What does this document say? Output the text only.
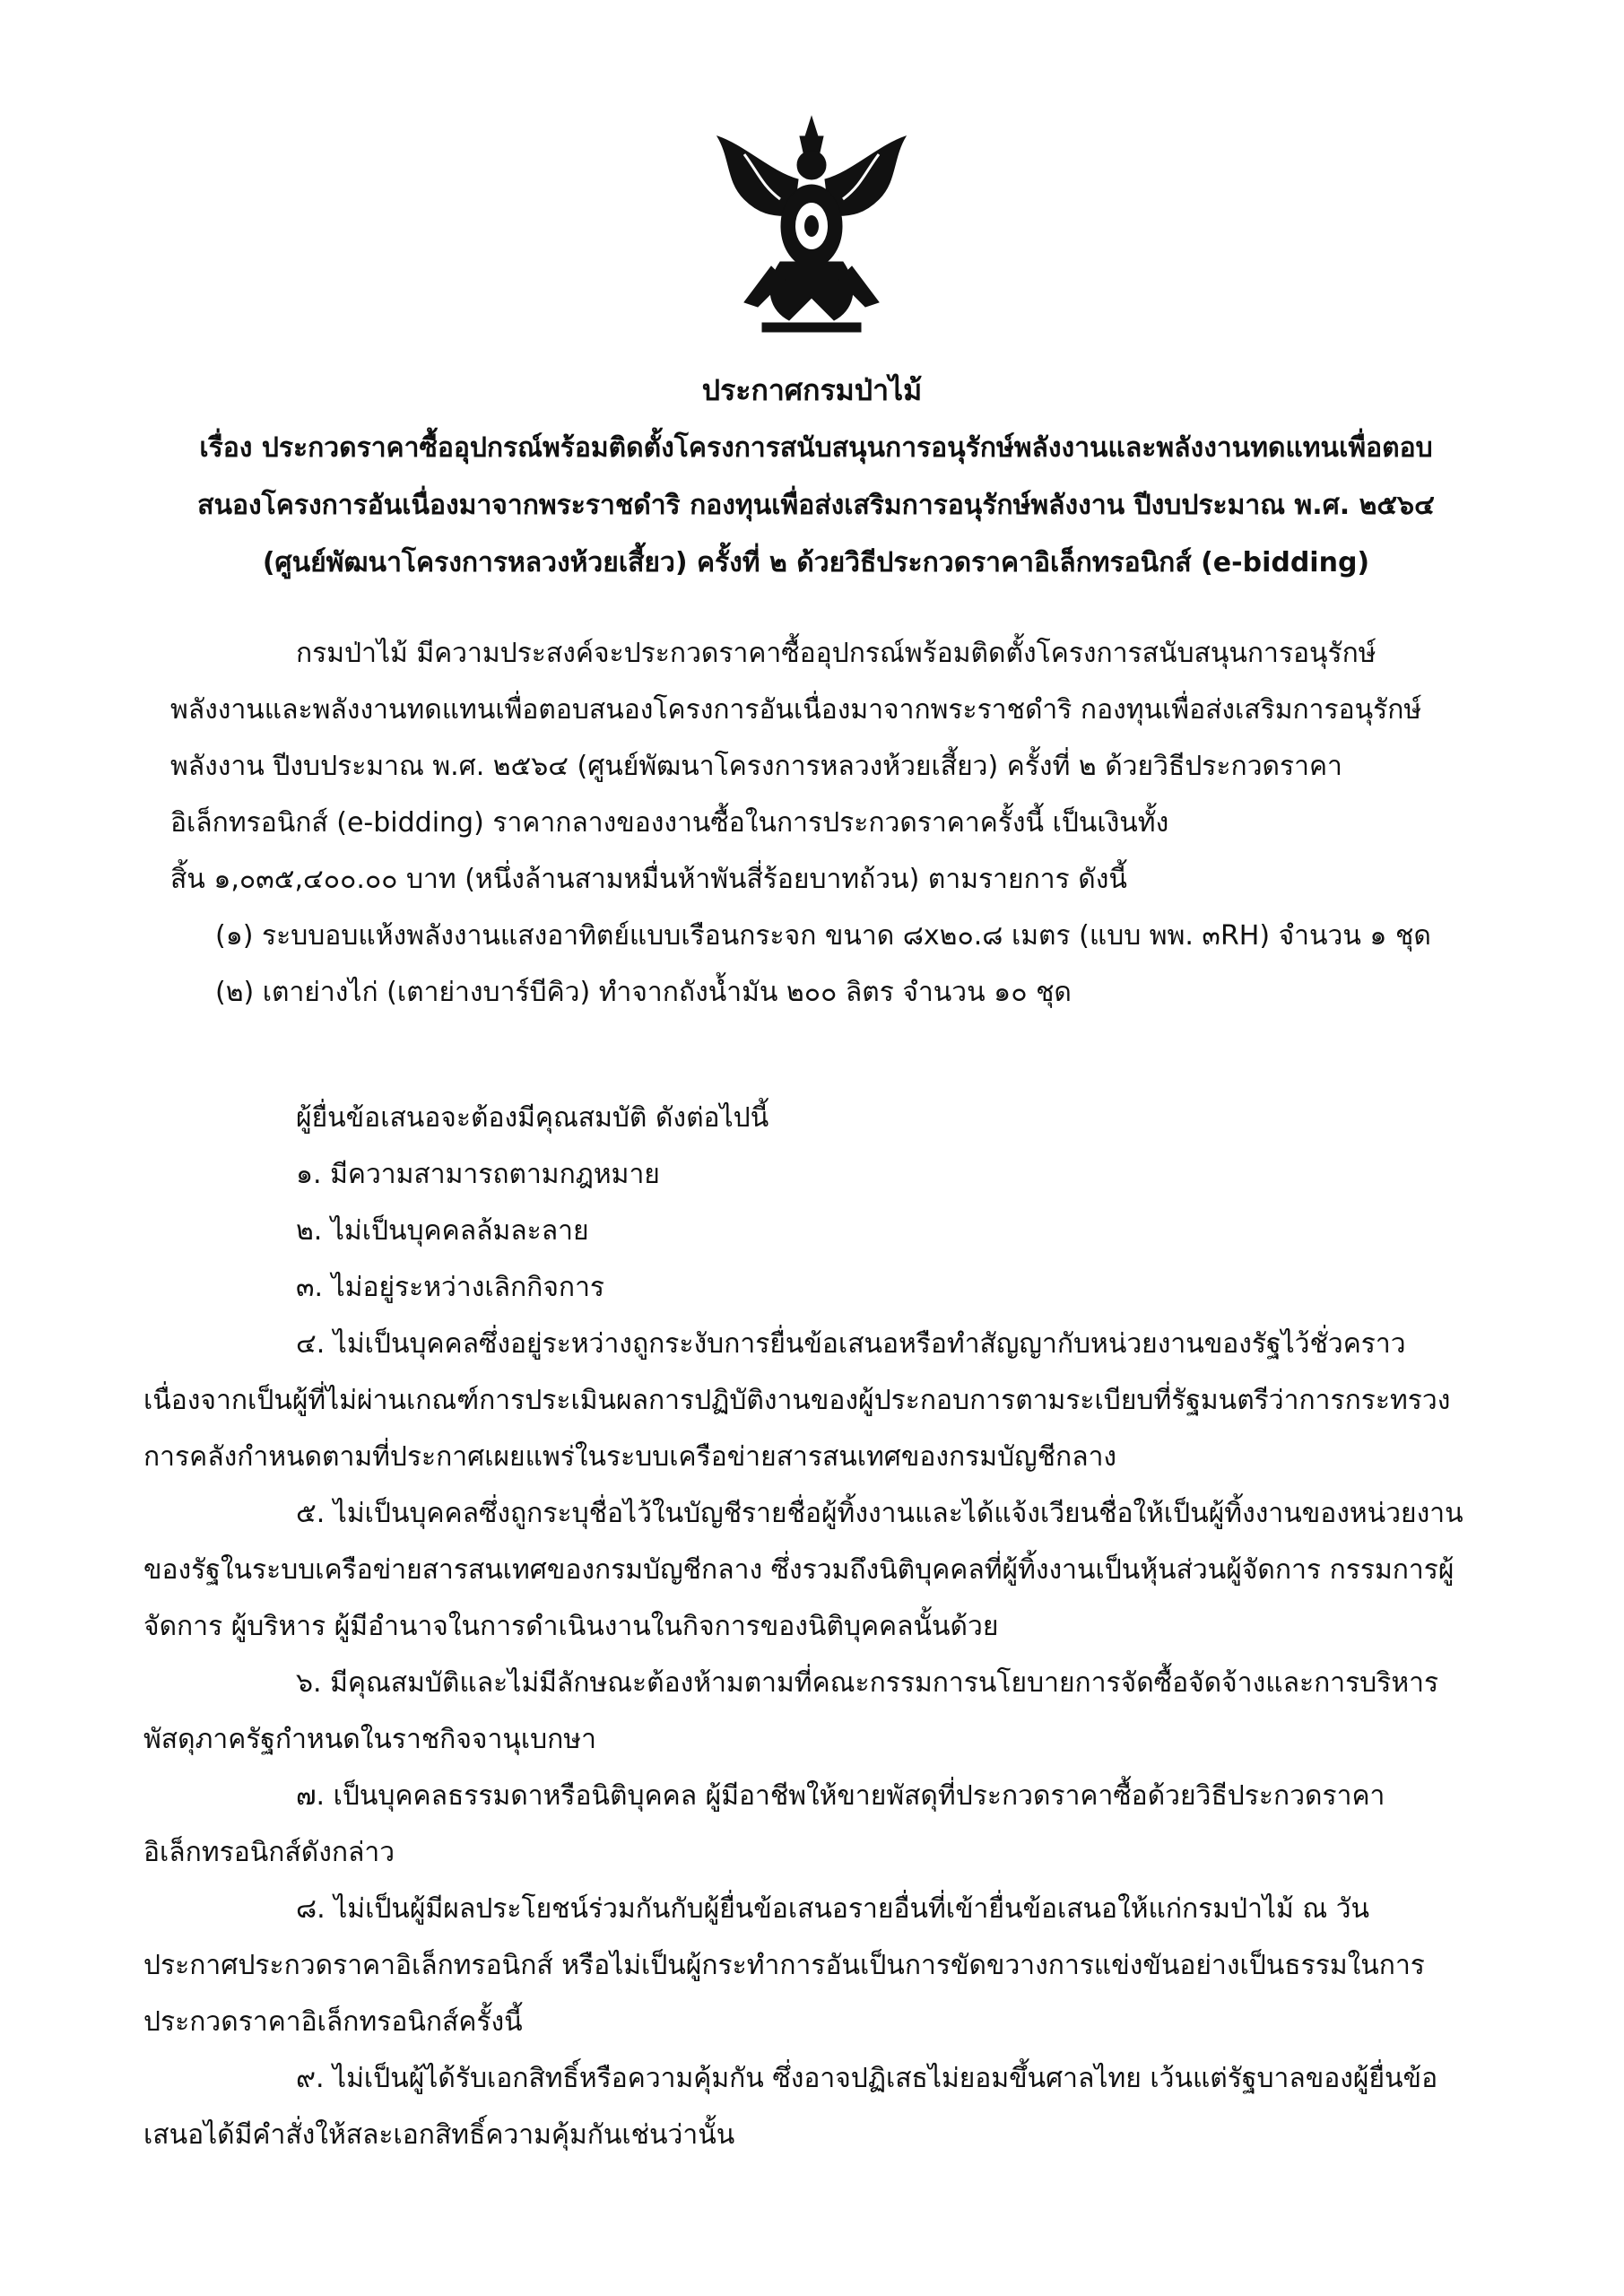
ประกาศกรมป่าไม้
เรื่อง ประกวดราคาซื้ออุปกรณ์พร้อมติดตั้งโครงการสนับสนุนการอนุรักษ์พลังงานและพลังงานทดแทนเพื่อตอบ
สนองโครงการอันเนื่องมาจากพระราชดำริ กองทุนเพื่อส่งเสริมการอนุรักษ์พลังงาน ปีงบประมาณ พ.ศ. ๒๕๖๔
(ศูนย์พัฒนาโครงการหลวงห้วยเสี้ยว) ครั้งที่ ๒ ด้วยวิธีประกวดราคาอิเล็กทรอนิกส์ (e-bidding)
กรมป่าไม้ มีความประสงค์จะประกวดราคาซื้ออุปกรณ์พร้อมติดตั้งโครงการสนับสนุนการอนุรักษ์
พลังงานและพลังงานทดแทนเพื่อตอบสนองโครงการอันเนื่องมาจากพระราชดำริ กองทุนเพื่อส่งเสริมการอนุรักษ์
พลังงาน ปีงบประมาณ พ.ศ. ๒๕๖๔ (ศูนย์พัฒนาโครงการหลวงห้วยเสี้ยว) ครั้งที่ ๒ ด้วยวิธีประกวดราคา
อิเล็กทรอนิกส์ (e-bidding) ราคากลางของงานซื้อในการประกวดราคาครั้งนี้ เป็นเงินทั้ง
สิ้น ๑,๐๓๕,๔๐๐.๐๐ บาท (หนึ่งล้านสามหมื่นห้าพันสี่ร้อยบาทถ้วน) ตามรายการ ดังนี้
(๑) ระบบอบแห้งพลังงานแสงอาทิตย์แบบเรือนกระจก ขนาด ๘x๒๐.๘ เมตร (แบบ พพ. ๓RH) จำนวน ๑ ชุด
(๒) เตาย่างไก่ (เตาย่างบาร์บีคิว) ทำจากถังน้ำมัน ๒๐๐ ลิตร จำนวน ๑๐ ชุด
ผู้ยื่นข้อเสนอจะต้องมีคุณสมบัติ ดังต่อไปนี้
๑. มีความสามารถตามกฎหมาย
๒. ไม่เป็นบุคคลล้มละลาย
๓. ไม่อยู่ระหว่างเลิกกิจการ
๔. ไม่เป็นบุคคลซึ่งอยู่ระหว่างถูกระงับการยื่นข้อเสนอหรือทำสัญญากับหน่วยงานของรัฐไว้ชั่วคราว
เนื่องจากเป็นผู้ที่ไม่ผ่านเกณฑ์การประเมินผลการปฏิบัติงานของผู้ประกอบการตามระเบียบที่รัฐมนตรีว่าการกระทรวง
การคลังกำหนดตามที่ประกาศเผยแพร่ในระบบเครือข่ายสารสนเทศของกรมบัญชีกลาง
๕. ไม่เป็นบุคคลซึ่งถูกระบุชื่อไว้ในบัญชีรายชื่อผู้ทิ้งงานและได้แจ้งเวียนชื่อให้เป็นผู้ทิ้งงานของหน่วยงาน
ของรัฐในระบบเครือข่ายสารสนเทศของกรมบัญชีกลาง ซึ่งรวมถึงนิติบุคคลที่ผู้ทิ้งงานเป็นหุ้นส่วนผู้จัดการ กรรมการผู้
จัดการ ผู้บริหาร ผู้มีอำนาจในการดำเนินงานในกิจการของนิติบุคคลนั้นด้วย
๖. มีคุณสมบัติและไม่มีลักษณะต้องห้ามตามที่คณะกรรมการนโยบายการจัดซื้อจัดจ้างและการบริหาร
พัสดุภาครัฐกำหนดในราชกิจจานุเบกษา
๗. เป็นบุคคลธรรมดาหรือนิติบุคคล ผู้มีอาชีพให้ขายพัสดุที่ประกวดราคาซื้อด้วยวิธีประกวดราคา
อิเล็กทรอนิกส์ดังกล่าว
๘. ไม่เป็นผู้มีผลประโยชน์ร่วมกันกับผู้ยื่นข้อเสนอรายอื่นที่เข้ายื่นข้อเสนอให้แก่กรมป่าไม้ ณ วัน
ประกาศประกวดราคาอิเล็กทรอนิกส์ หรือไม่เป็นผู้กระทำการอันเป็นการขัดขวางการแข่งขันอย่างเป็นธรรมในการ
ประกวดราคาอิเล็กทรอนิกส์ครั้งนี้
๙. ไม่เป็นผู้ได้รับเอกสิทธิ์หรือความคุ้มกัน ซึ่งอาจปฏิเสธไม่ยอมขึ้นศาลไทย เว้นแต่รัฐบาลของผู้ยื่นข้อ
เสนอได้มีคำสั่งให้สละเอกสิทธิ์ความคุ้มกันเช่นว่านั้น
